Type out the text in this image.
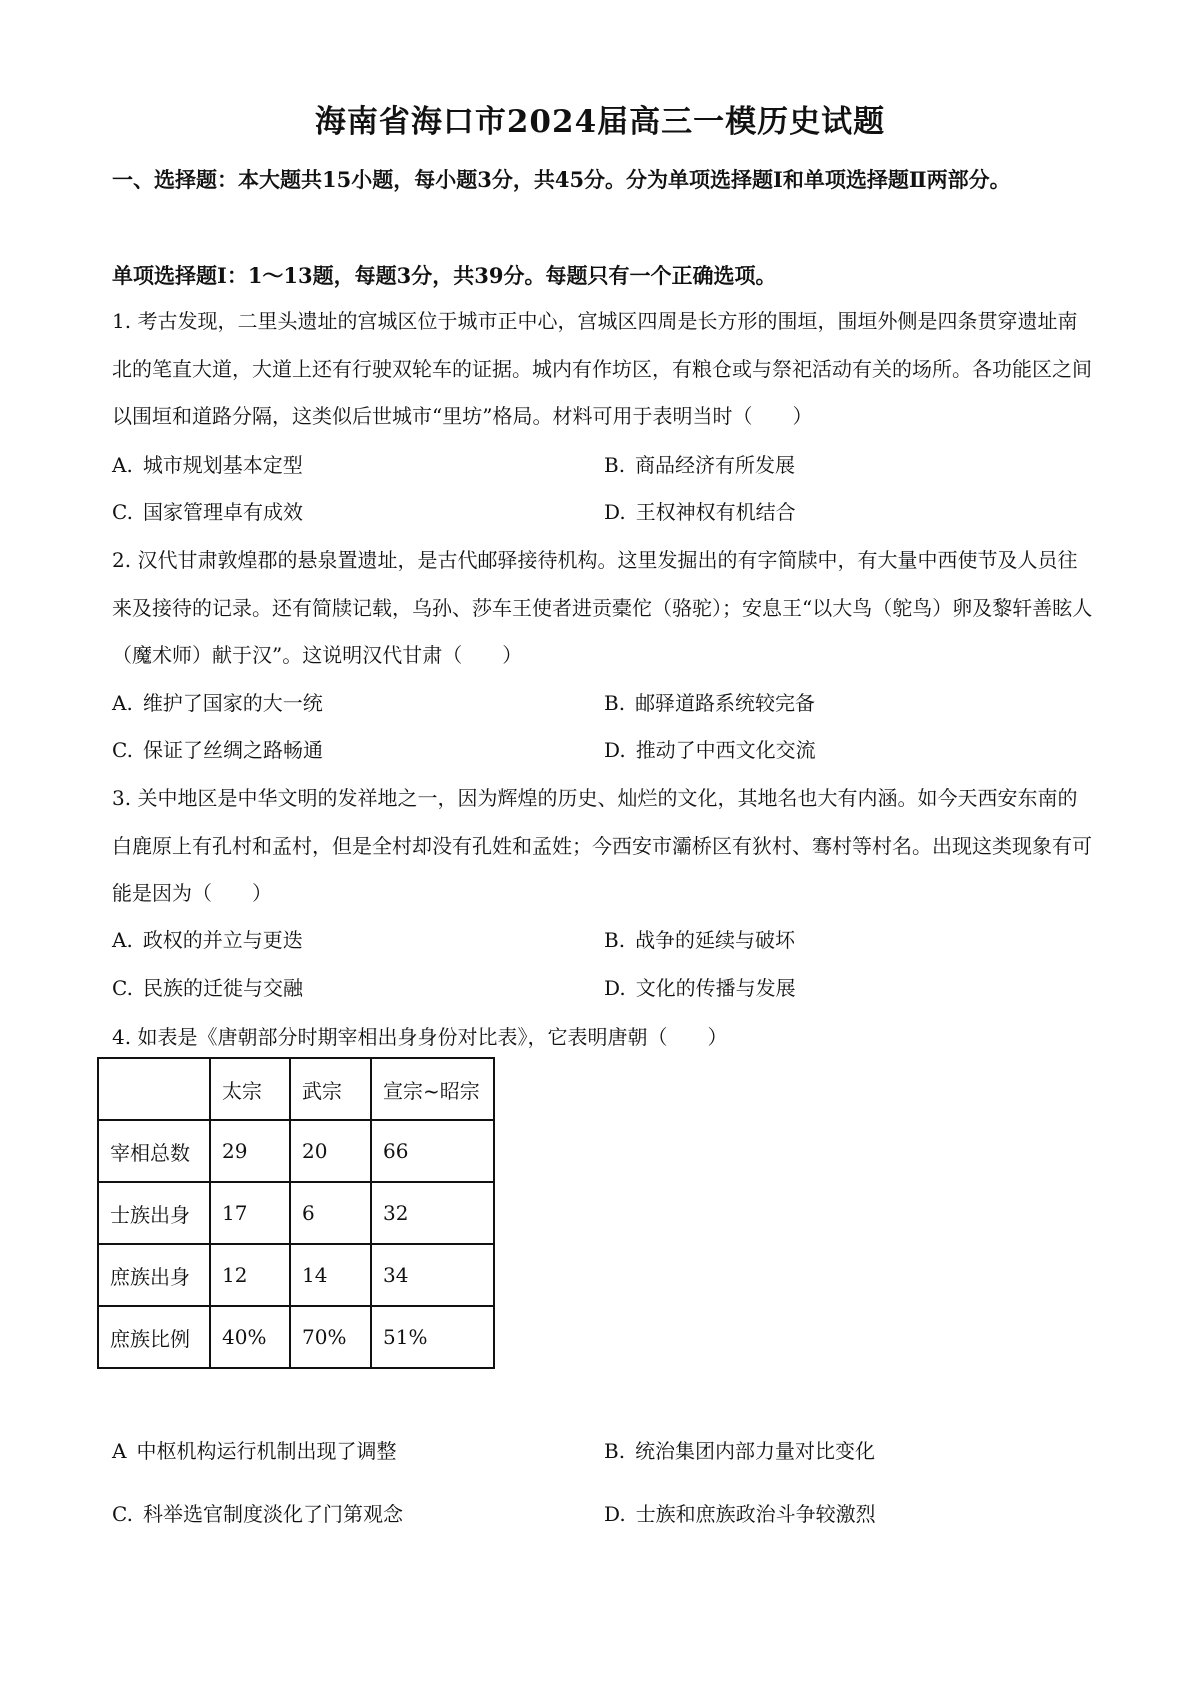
海南省海口市2024届高三一模历史试题
一、选择题：本大题共15小题，每小题3分，共45分。分为单项选择题Ⅰ和单项选择题Ⅱ两部分。
单项选择题Ⅰ：1～13题，每题3分，共39分。每题只有一个正确选项。
1. 考古发现，二里头遗址的宫城区位于城市正中心，宫城区四周是长方形的围垣，围垣外侧是四条贯穿遗址南北的笔直大道，大道上还有行驶双轮车的证据。城内有作坊区，有粮仓或与祭祀活动有关的场所。各功能区之间以围垣和道路分隔，这类似后世城市“里坊”格局。材料可用于表明当时（　　）
A. 城市规划基本定型	B. 商品经济有所发展
C. 国家管理卓有成效	D. 王权神权有机结合
2. 汉代甘肃敦煌郡的悬泉置遗址，是古代邮驿接待机构。这里发掘出的有字简牍中，有大量中西使节及人员往来及接待的记录。还有简牍记载，乌孙、莎车王使者进贡橐佗（骆驼）；安息王“以大鸟（鸵鸟）卵及黎轩善眩人（魔术师）献于汉”。这说明汉代甘肃（　　）
A. 维护了国家的大一统	B. 邮驿道路系统较完备
C. 保证了丝绸之路畅通	D. 推动了中西文化交流
3. 关中地区是中华文明的发祥地之一，因为辉煌的历史、灿烂的文化，其地名也大有内涵。如今天西安东南的白鹿原上有孔村和孟村，但是全村却没有孔姓和孟姓；今西安市灞桥区有狄村、骞村等村名。出现这类现象有可能是因为（　　）
A. 政权的并立与更迭	B. 战争的延续与破坏
C. 民族的迁徙与交融	D. 文化的传播与发展
4. 如表是《唐朝部分时期宰相出身身份对比表》，它表明唐朝（　　）
	太宗	武宗	宣宗~昭宗
宰相总数	29	20	66
士族出身	17	6	32
庶族出身	12	14	34
庶族比例	40%	70%	51%
A 中枢机构运行机制出现了调整	B. 统治集团内部力量对比变化
C. 科举选官制度淡化了门第观念	D. 士族和庶族政治斗争较激烈
